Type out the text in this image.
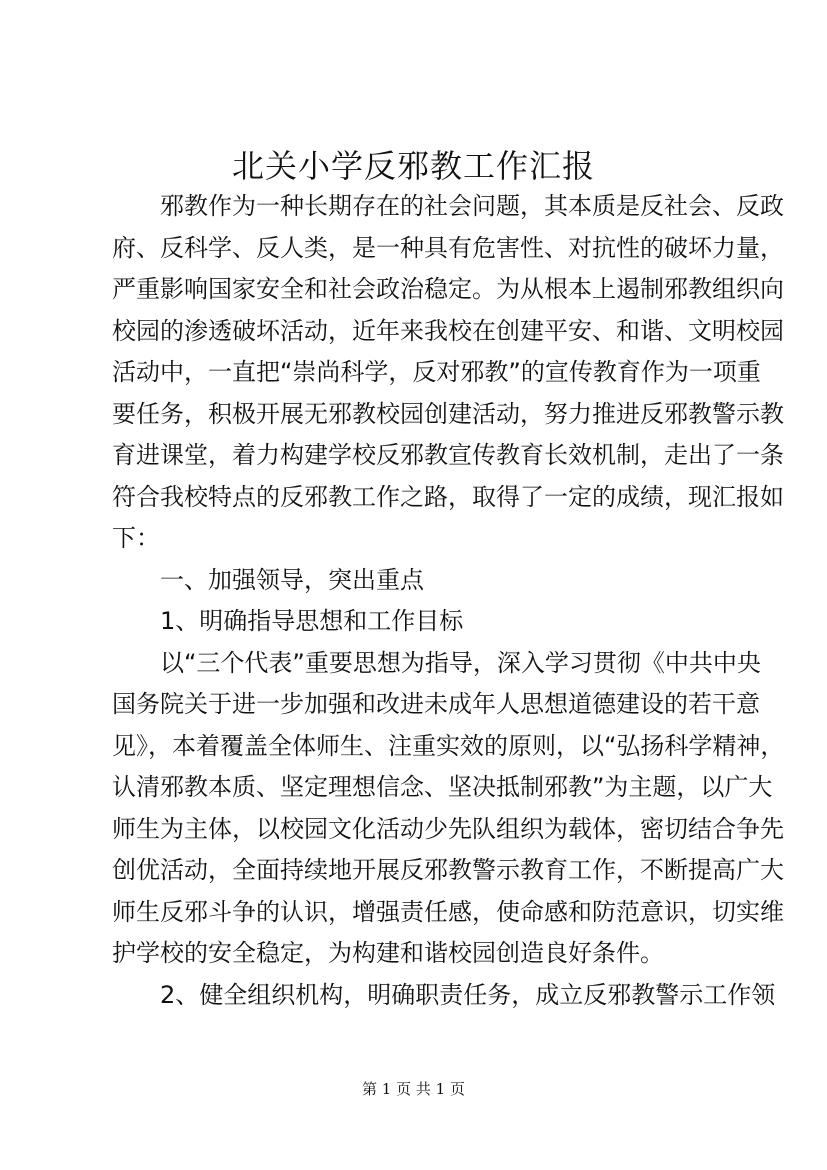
北关小学反邪教工作汇报
邪教作为一种长期存在的社会问题，其本质是反社会、反政
府、反科学、反人类，是一种具有危害性、对抗性的破坏力量，
严重影响国家安全和社会政治稳定。为从根本上遏制邪教组织向
校园的渗透破坏活动，近年来我校在创建平安、和谐、文明校园
活动中，一直把“崇尚科学，反对邪教”的宣传教育作为一项重
要任务，积极开展无邪教校园创建活动，努力推进反邪教警示教
育进课堂，着力构建学校反邪教宣传教育长效机制，走出了一条
符合我校特点的反邪教工作之路，取得了一定的成绩，现汇报如
下：
一、加强领导，突出重点
1、明确指导思想和工作目标
以“三个代表”重要思想为指导，深入学习贯彻《中共中央
国务院关于进一步加强和改进未成年人思想道德建设的若干意
见》，本着覆盖全体师生、注重实效的原则，以“弘扬科学精神，
认清邪教本质、坚定理想信念、坚决抵制邪教”为主题，以广大
师生为主体，以校园文化活动少先队组织为载体，密切结合争先
创优活动，全面持续地开展反邪教警示教育工作，不断提高广大
师生反邪斗争的认识，增强责任感，使命感和防范意识，切实维
护学校的安全稳定，为构建和谐校园创造良好条件。
2、健全组织机构，明确职责任务，成立反邪教警示工作领
第 1 页 共 1 页
